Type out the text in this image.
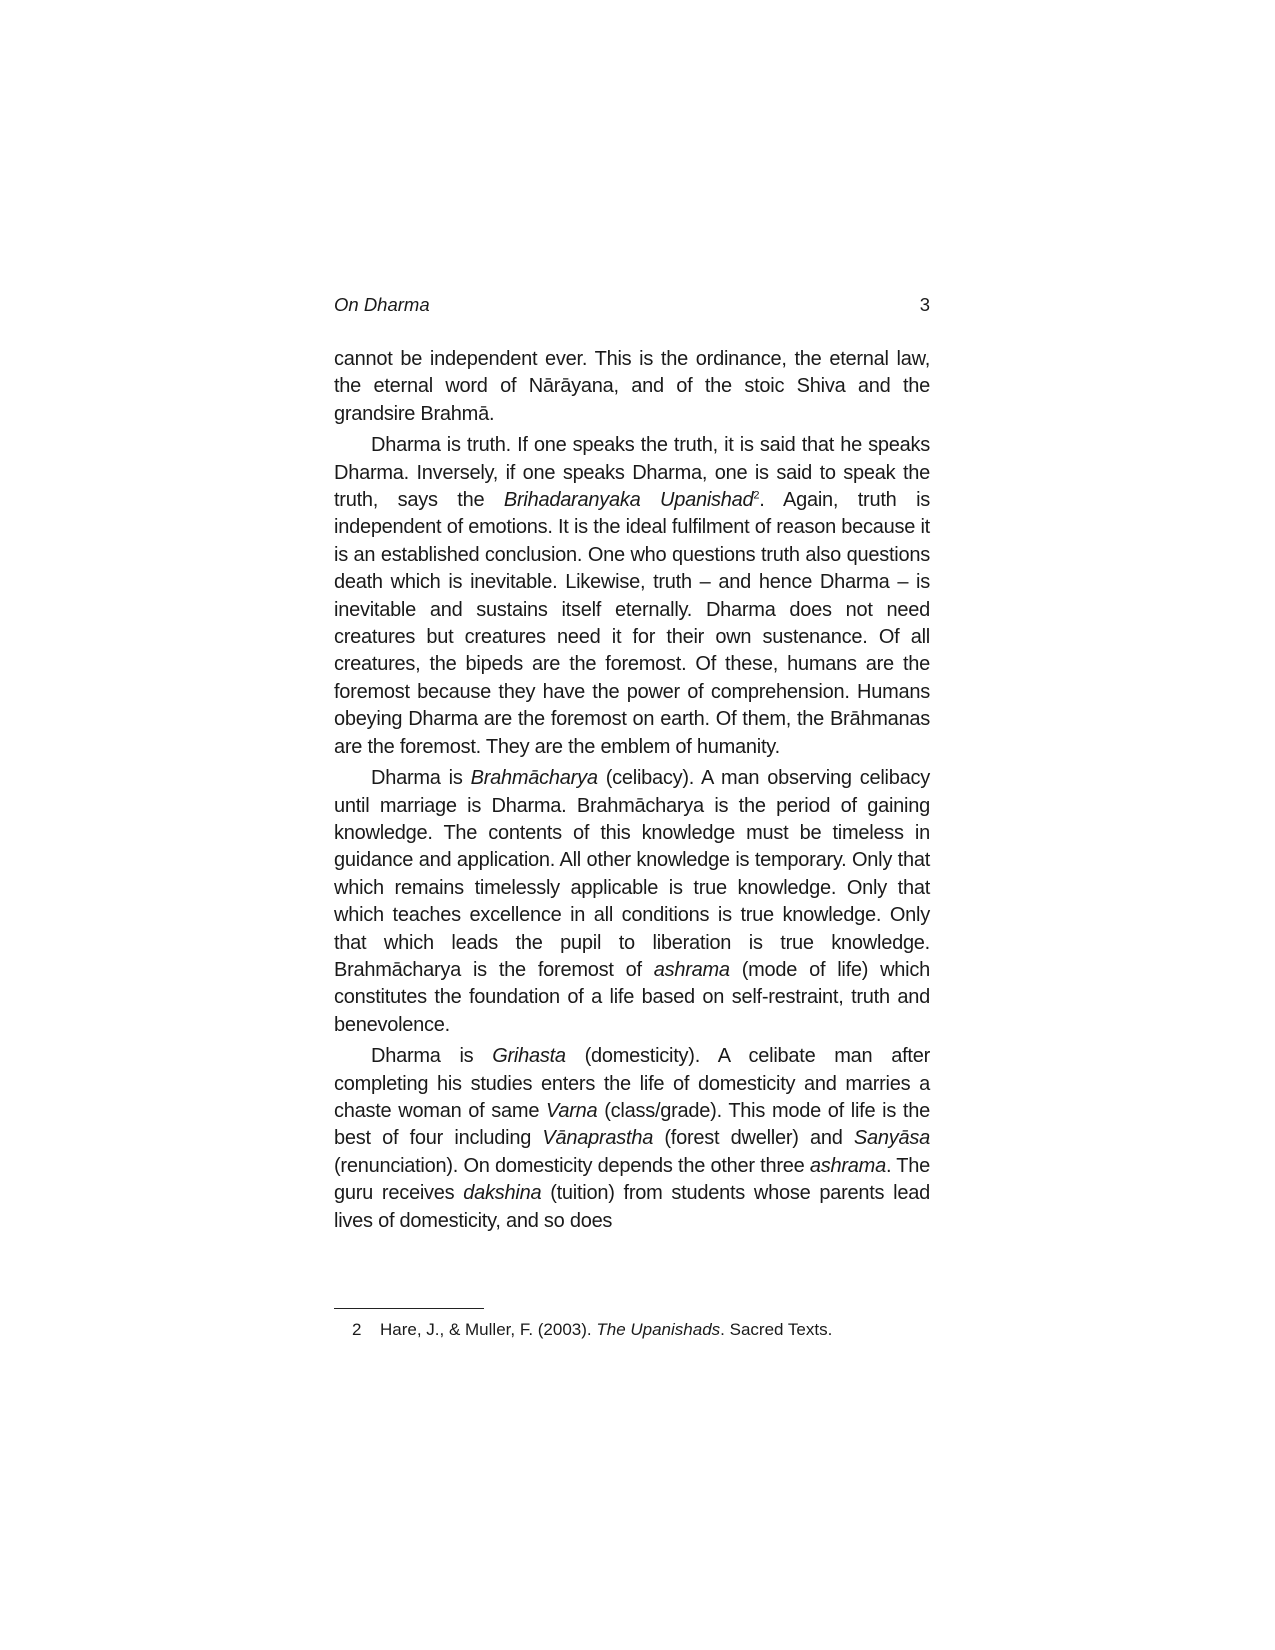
On Dharma	3

cannot be independent ever. This is the ordinance, the eternal law, the eternal word of Nārāyana, and of the stoic Shiva and the grandsire Brahmā.

Dharma is truth. If one speaks the truth, it is said that he speaks Dharma. Inversely, if one speaks Dharma, one is said to speak the truth, says the Brihadaranyaka Upanishad$^2$. Again, truth is independent of emotions. It is the ideal fulfilment of reason because it is an established conclusion. One who questions truth also questions death which is inevitable. Likewise, truth – and hence Dharma – is inevitable and sustains itself eternally. Dharma does not need creatures but creatures need it for their own sustenance. Of all creatures, the bipeds are the foremost. Of these, humans are the foremost because they have the power of comprehension. Humans obeying Dharma are the foremost on earth. Of them, the Brāhmanas are the foremost. They are the emblem of humanity.

Dharma is Brahmācharya (celibacy). A man observing celibacy until marriage is Dharma. Brahmācharya is the period of gaining knowledge. The contents of this knowledge must be timeless in guidance and application. All other knowledge is temporary. Only that which remains timelessly applicable is true knowledge. Only that which teaches excellence in all conditions is true knowledge. Only that which leads the pupil to liberation is true knowledge. Brahmācharya is the foremost of ashrama (mode of life) which constitutes the foundation of a life based on self-restraint, truth and benevolence.

Dharma is Grihasta (domesticity). A celibate man after completing his studies enters the life of domesticity and marries a chaste woman of same Varna (class/grade). This mode of life is the best of four including Vānaprastha (forest dweller) and Sanyāsa (renunciation). On domesticity depends the other three ashrama. The guru receives dakshina (tuition) from students whose parents lead lives of domesticity, and so does

2 Hare, J., & Muller, F. (2003). The Upanishads. Sacred Texts.
